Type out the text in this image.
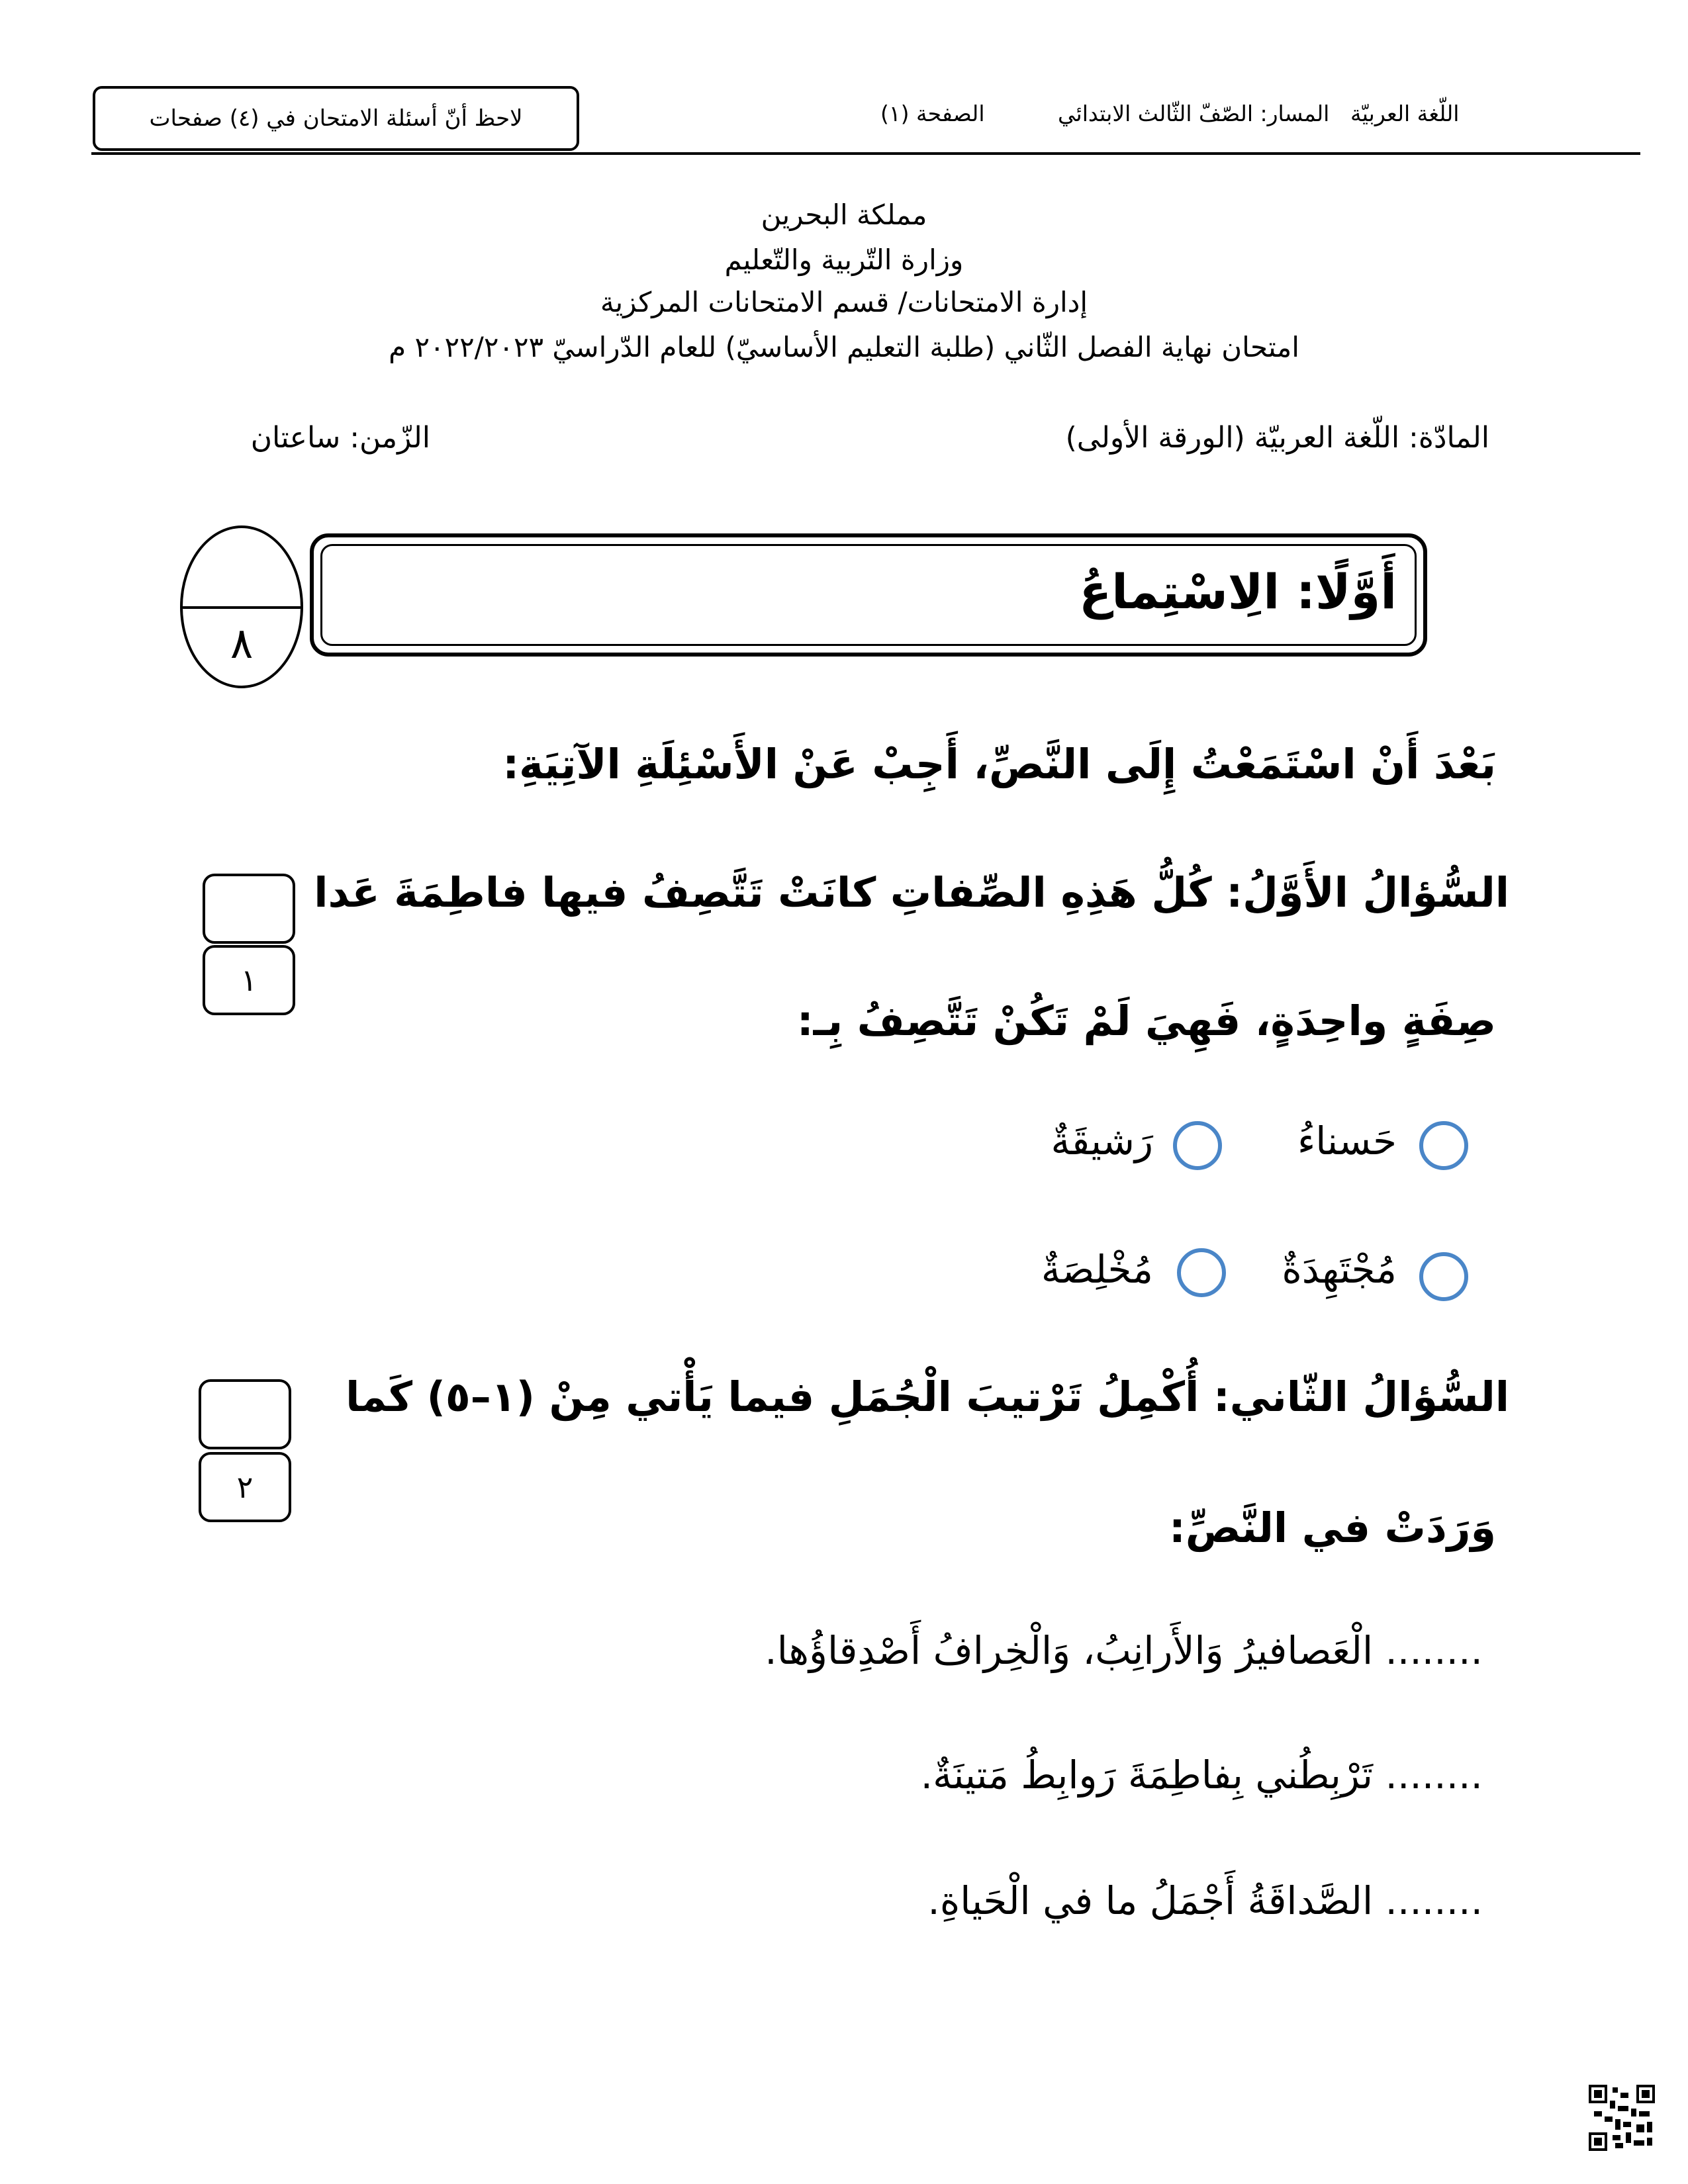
لاحظ أنّ أسئلة الامتحان في (٤) صفحات	اللّغة العربيّة
المسار: الصّفّ الثّالث الابتدائي
الصفحة (١)
مملكة البحرين
وزارة التّربية والتّعليم
إدارة الامتحانات/ قسم الامتحانات المركزية
امتحان نهاية الفصل الثّاني (طلبة التعليم الأساسيّ) للعام الدّراسيّ ٢٠٢٢/٢٠٢٣ م
المادّة: اللّغة العربيّة (الورقة الأولى)
الزّمن: ساعتان
أَوَّلًا: الِاسْتِماعُ
٨
بَعْدَ أَنْ اسْتَمَعْتُ إِلَى النَّصِّ، أَجِبْ عَنْ الأَسْئِلَةِ الآتِيَةِ:
١
السُّؤالُ الأَوَّلُ: كُلُّ هَذِهِ الصِّفاتِ كانَتْ تَتَّصِفُ فيها فاطِمَةَ عَدا
صِفَةٍ واحِدَةٍ، فَهِيَ لَمْ تَكُنْ تَتَّصِفُ بِـ:
حَسناءُ
رَشيقَةٌ
مُجْتَهِدَةٌ
مُخْلِصَةٌ
٢
السُّؤالُ الثّاني: أُكْمِلُ تَرْتيبَ الْجُمَلِ فيما يَأْتي مِنْ (١–٥) كَما
وَرَدَتْ في النَّصِّ:
........ الْعَصافيرُ وَالأَرانِبُ، وَالْخِرافُ أَصْدِقاؤُها.
........ تَرْبِطُني بِفاطِمَةَ رَوابِطُ مَتينَةٌ.
........ الصَّداقَةُ أَجْمَلُ ما في الْحَياةِ.
